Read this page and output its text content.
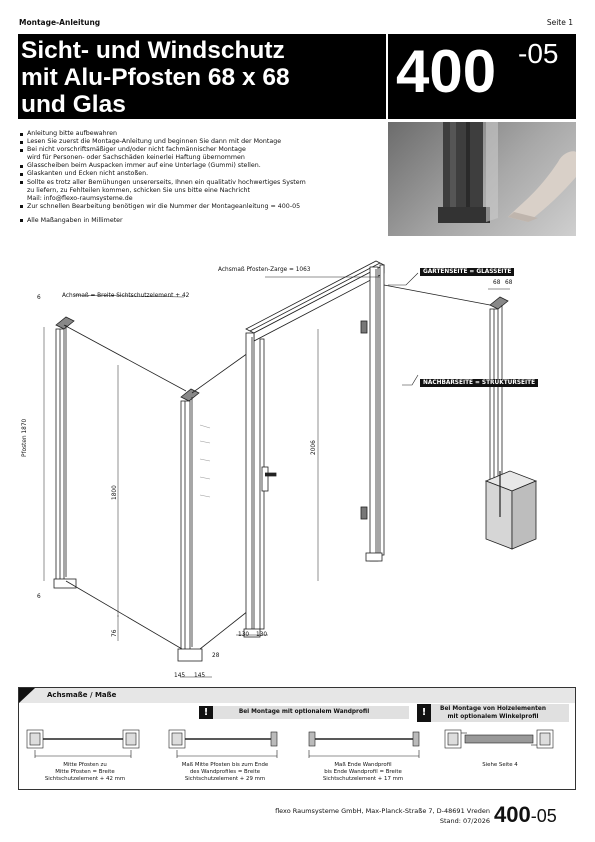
Montage-Anleitung	Seite 1
Sicht- und Windschutz
mit Alu-Pfosten 68 x 68
und Glas	400 -05
Anleitung bitte aufbewahren
Lesen Sie zuerst die Montage-Anleitung und beginnen Sie dann mit der Montage
Bei nicht vorschriftsmäßiger und/oder nicht fachmännischer Montage
wird für Personen- oder Sachschäden keinerlei Haftung übernommen
Glasscheiben beim Auspacken immer auf eine Unterlage (Gummi) stellen.
Glaskanten und Ecken nicht anstoßen.
Sollte es trotz aller Bemühungen unsererseits, Ihnen ein qualitativ hochwertiges System
zu liefern, zu Fehlteilen kommen, schicken Sie uns bitte eine Nachricht
Mail: info@flexo-raumsysteme.de
Zur schnellen Bearbeitung benötigen wir die Nummer der Montageanleitung = 400-05
Alle Maßangaben in Millimeter
Achsmaß Pfosten-Zarge = 1063
Achsmaß = Breite Sichtschutzelement + 42
GARTENSEITE = GLASSEITE
NACHBARSEITE = STRUKTURSEITE
68 68
6
6
Pfosten 1870
1800
2006
76
28
145 145
130 130
Achsmaße / Maße
!	Bei Montage mit optionalem Wandprofil	!	Bei Montage von Holzelementen
mit optionalem Winkelprofil
Mitte Pfosten zu
Mitte Pfosten = Breite
Sichtschutzelement + 42 mm
Maß Mitte Pfosten bis zum Ende
des Wandprofiles = Breite
Sichtschutzelement + 29 mm
Maß Ende Wandprofil
bis Ende Wandprofil = Breite
Sichtschutzelement + 17 mm
Siehe Seite 4
flexo Raumsysteme GmbH, Max-Planck-Straße 7, D-48691 Vreden
Stand: 07/2026 400-05
